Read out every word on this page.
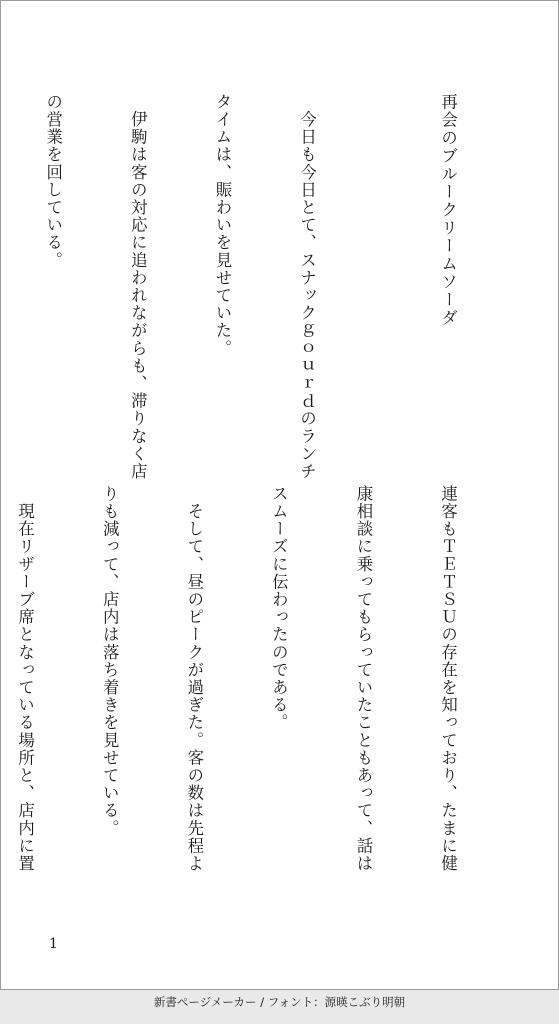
再会のブルークリームソーダ

　今日も今日とて、スナックｇｏｕｒｄのランチ

タイムは、賑わいを見せていた。

　伊駒は客の対応に追われながらも、滞りなく店

の営業を回している。

連客もＴＥＴＳＵの存在を知っており、たまに健

康相談に乗ってもらっていたこともあって、話は

スムーズに伝わったのである。

　そして、昼のピークが過ぎた。客の数は先程よ

りも減って、店内は落ち着きを見せている。

　現在リザーブ席となっている場所と、店内に置

1
新書ページメーカー / フォント：源暎こぶり明朝
